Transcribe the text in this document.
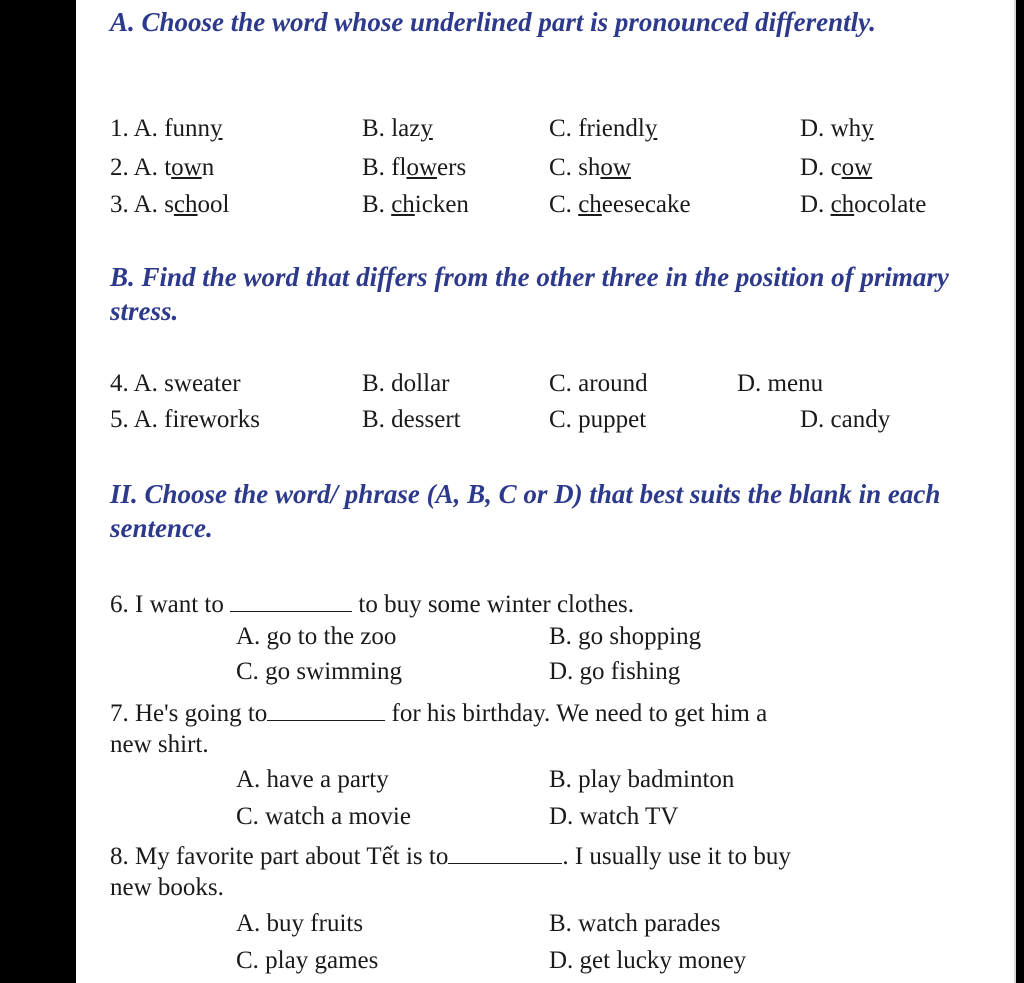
A. Choose the word whose underlined part is pronounced differently.
1. A. funny	B. lazy	C. friendly	D. why
2. A. town	B. flowers	C. show	D. cow
3. A. school	B. chicken	C. cheesecake	D. chocolate
B. Find the word that differs from the other three in the position of primary stress.
4. A. sweater	B. dollar	C. around	D. menu
5. A. fireworks	B. dessert	C. puppet	D. candy
II. Choose the word/ phrase (A, B, C or D) that best suits the blank in each sentence.
6. I want to	to buy some winter clothes.
A. go to the zoo	B. go shopping
C. go swimming	D. go fishing
7. He's going to	for his birthday. We need to get him a
new shirt.
A. have a party	B. play badminton
C. watch a movie	D. watch TV
8. My favorite part about Tết is to	. I usually use it to buy
new books.
A. buy fruits	B. watch parades
C. play games	D. get lucky money
